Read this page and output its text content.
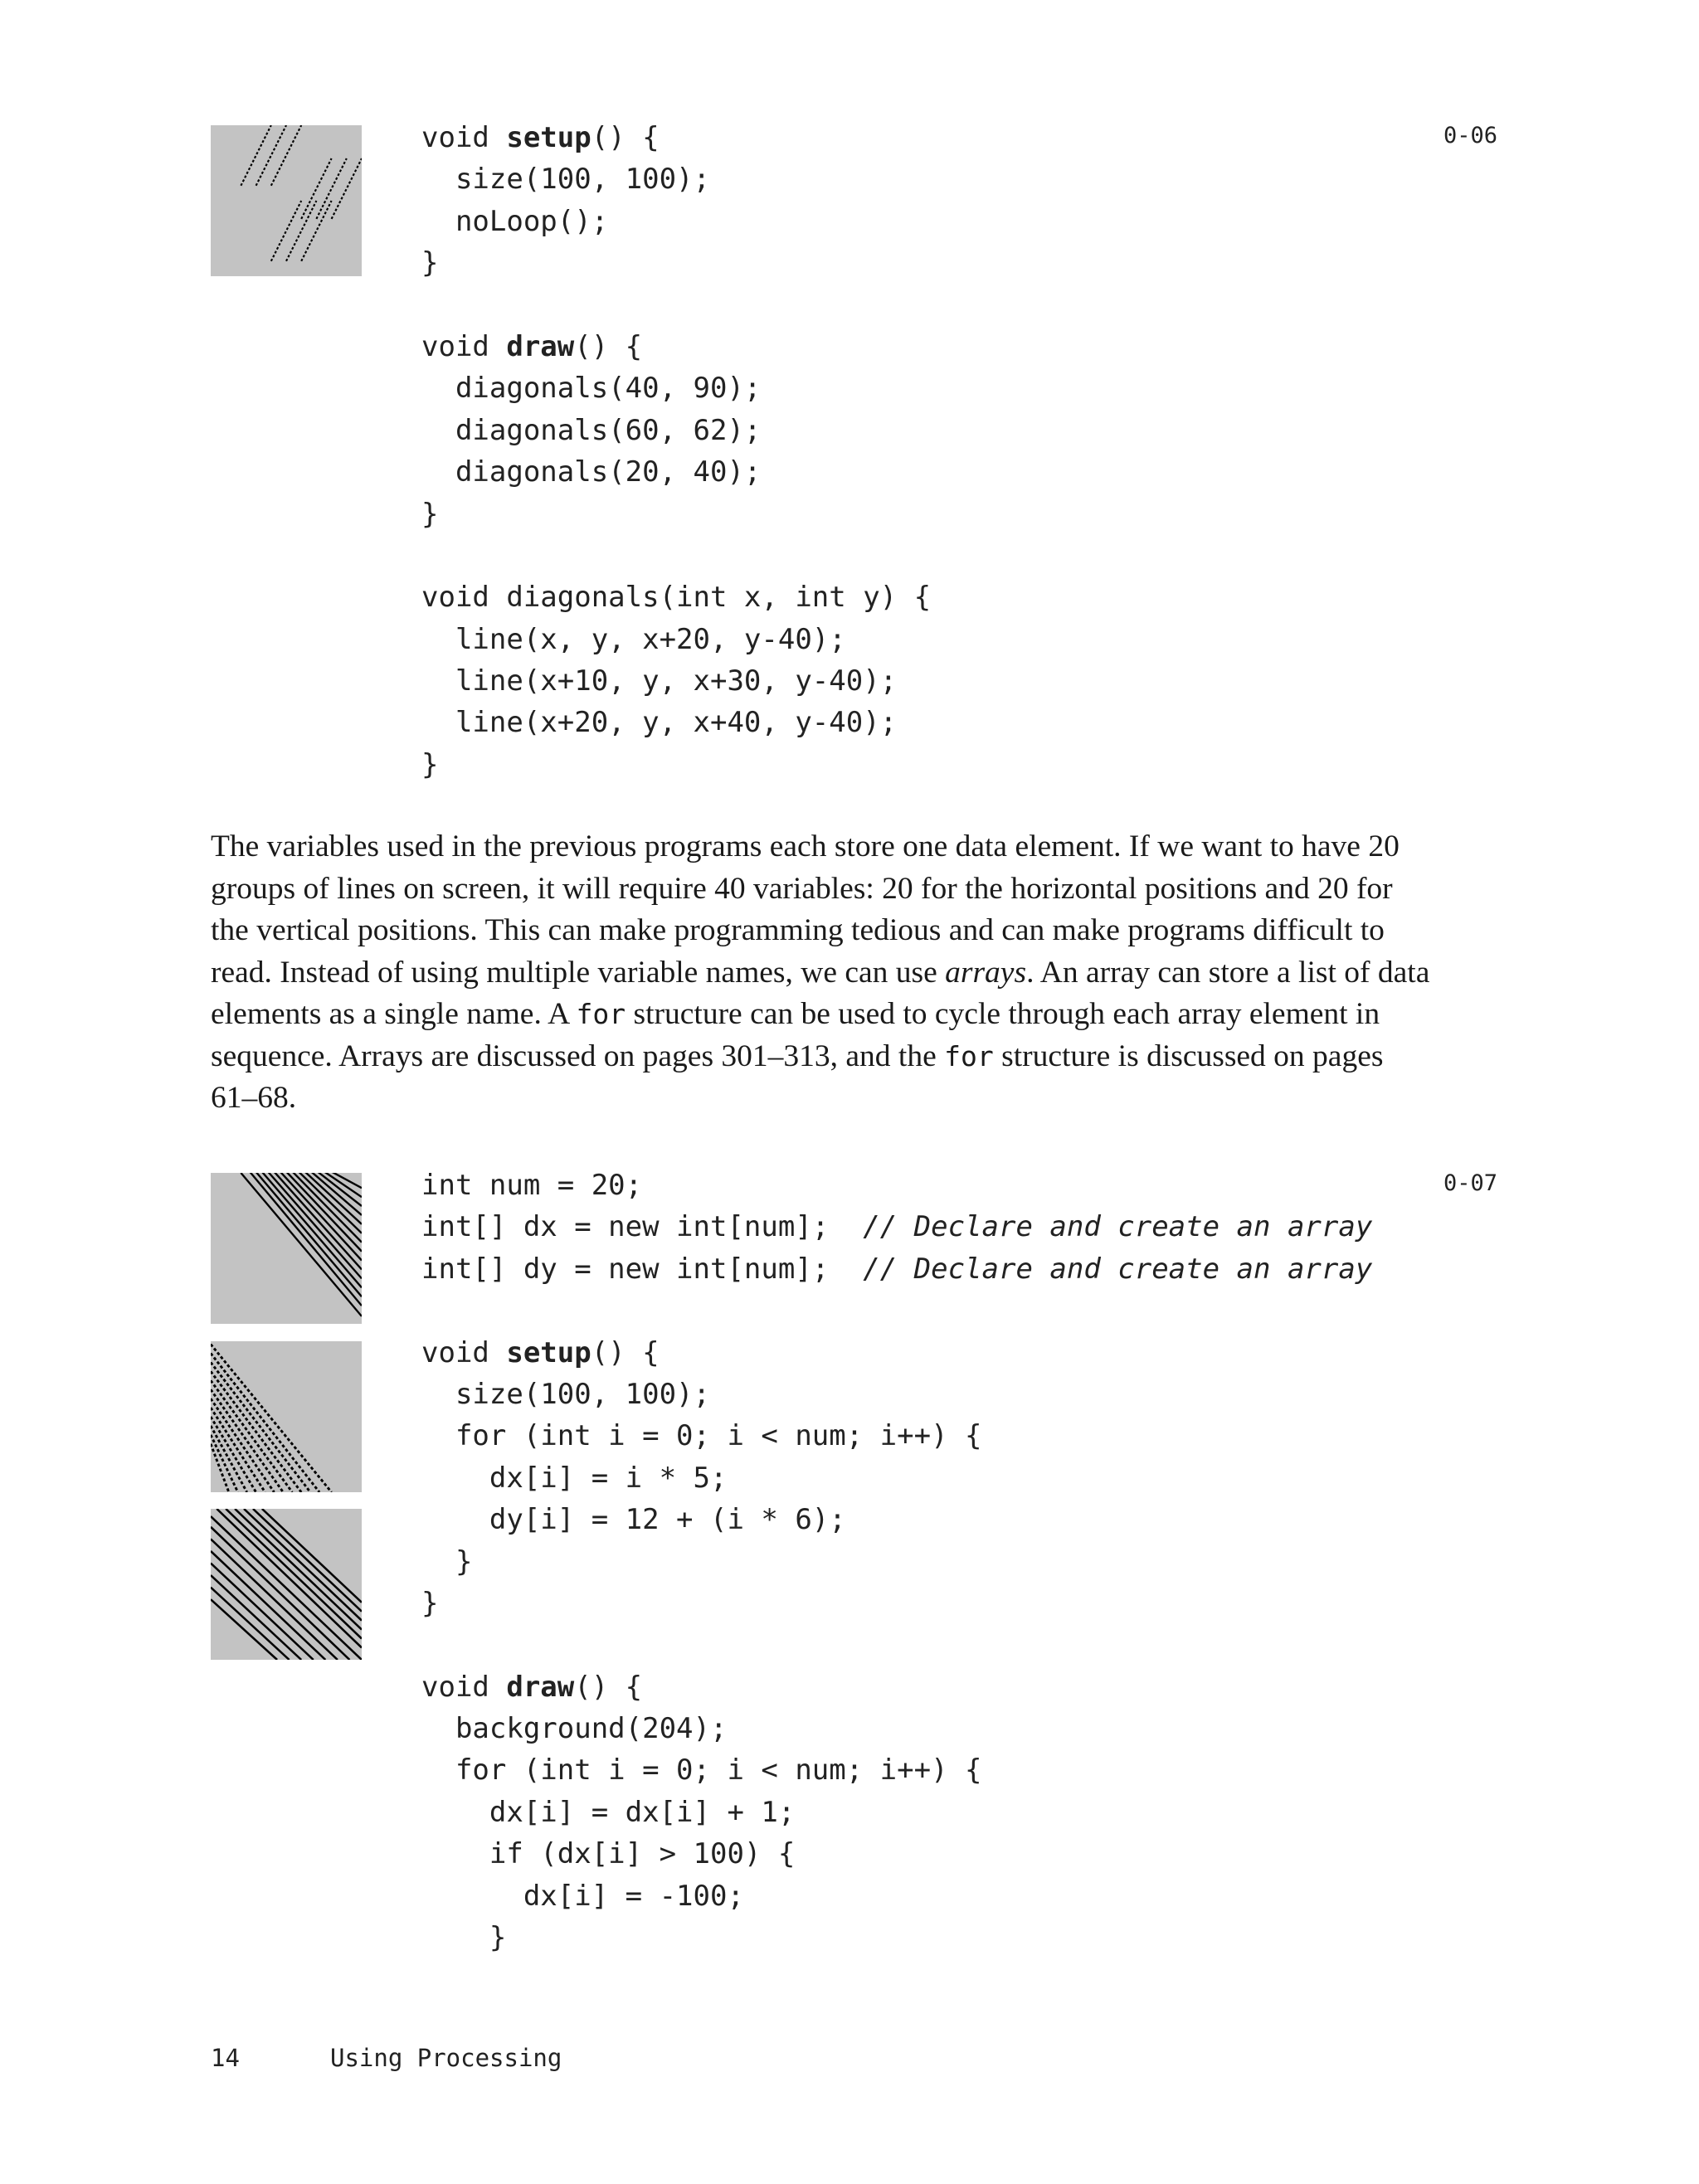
0-06
void setup() {
size(100, 100);
noLoop();
}
void draw() {
diagonals(40, 90);
diagonals(60, 62);
diagonals(20, 40);
}
void diagonals(int x, int y) {
line(x, y, x+20, y-40);
line(x+10, y, x+30, y-40);
line(x+20, y, x+40, y-40);
}
The variables used in the previous programs each store one data element. If we want to have 20 groups of lines on screen, it will require 40 variables: 20 for the horizontal positions and 20 for the vertical positions. This can make programming tedious and can make programs difficult to read. Instead of using multiple variable names, we can use arrays. An array can store a list of data elements as a single name. A for structure can be used to cycle through each array element in sequence. Arrays are discussed on pages 301–313, and the for structure is discussed on pages 61–68.
0-07
int num = 20;
int[] dx = new int[num];  // Declare and create an array
int[] dy = new int[num];  // Declare and create an array
void setup() {
size(100, 100);
for (int i = 0; i < num; i++) {
dx[i] = i * 5;
dy[i] = 12 + (i * 6);
}
}
void draw() {
background(204);
for (int i = 0; i < num; i++) {
dx[i] = dx[i] + 1;
if (dx[i] > 100) {
dx[i] = -100;
}
14	Using Processing
